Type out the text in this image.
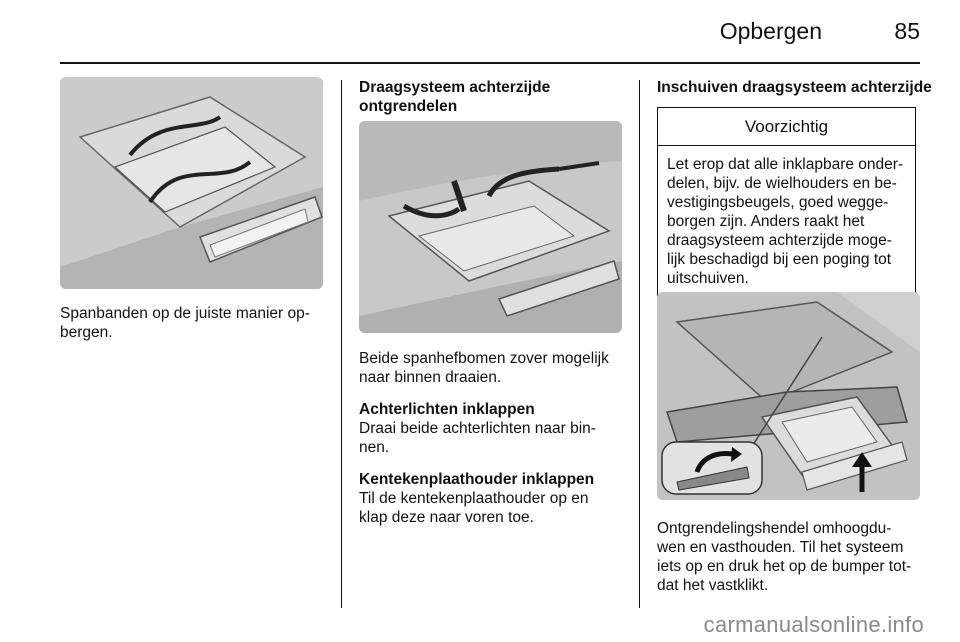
Opbergen	85
Spanbanden op de juiste manier op-
bergen.
Draagsysteem achterzijde
ontgrendelen
Beide spanhefbomen zover mogelijk
naar binnen draaien.
Achterlichten inklappen
Draai beide achterlichten naar bin-
nen.
Kentekenplaathouder inklappen
Til de kentekenplaathouder op en
klap deze naar voren toe.
Inschuiven draagsysteem achterzijde
Voorzichtig
Let erop dat alle inklapbare onder-
delen, bijv. de wielhouders en be-
vestigingsbeugels, goed wegge-
borgen zijn. Anders raakt het
draagsysteem achterzijde moge-
lijk beschadigd bij een poging tot
uitschuiven.
Ontgrendelingshendel omhoogdu-
wen en vasthouden. Til het systeem
iets op en druk het op de bumper tot-
dat het vastklikt.
carmanualsonline.info
